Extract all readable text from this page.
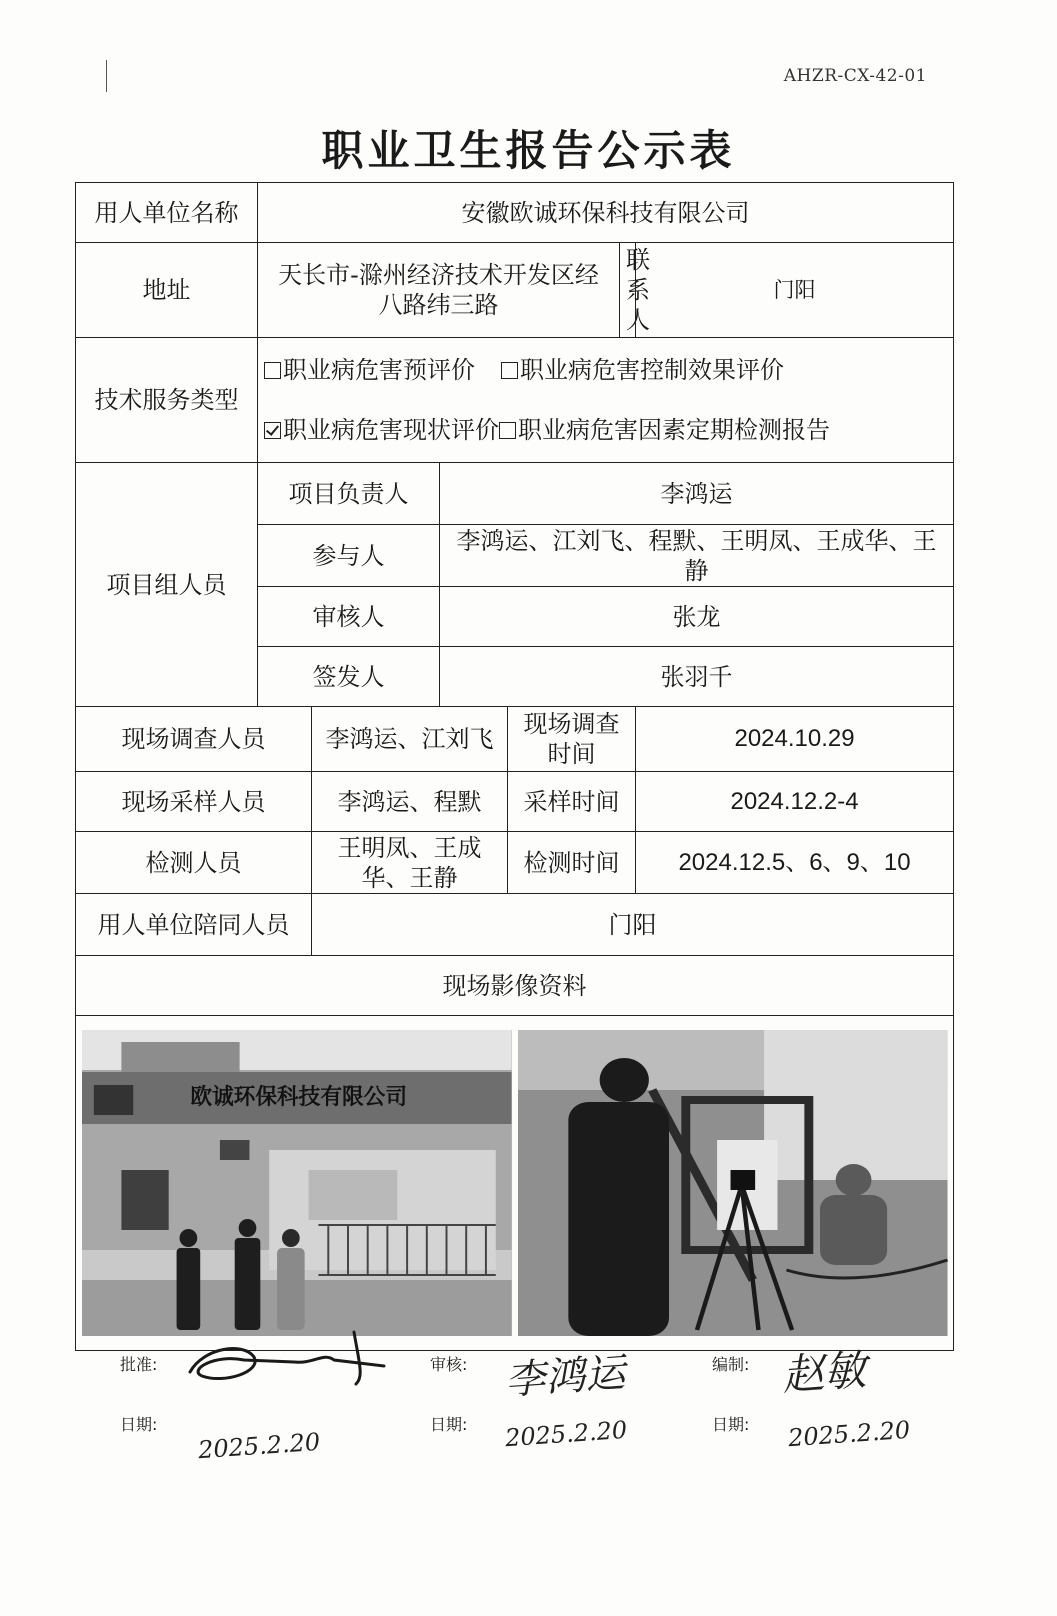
AHZR-CX-42-01
职业卫生报告公示表
用人单位名称	安徽欧诚环保科技有限公司					
地址	天长市-滁州经济技术开发区经八路纬三路				联系人	门阳
技术服务类型	职业病危害预评价 职业病危害控制效果评价
职业病危害现状评价 职业病危害因素定期检测报告					

项目组人员	项目负责人		李鸿运			
	参与人		李鸿运、江刘飞、程默、王明凤、王成华、王静			
	审核人		张龙			
	签发人		张羽千			
现场调查人员		李鸿运、江刘飞		现场调查时间		2024.10.29
现场采样人员		李鸿运、程默		采样时间		2024.12.2-4
检测人员		王明凤、王成华、王静		检测时间		2024.12.5、6、9、10
用人单位陪同人员		门阳				
现场影像资料						

欧诚环保科技有限公司						
批准:	审核: 李鸿运	编制: 赵敏
日期:
2025.2.20
日期: 2025.2.20	日期: 2025.2.20
